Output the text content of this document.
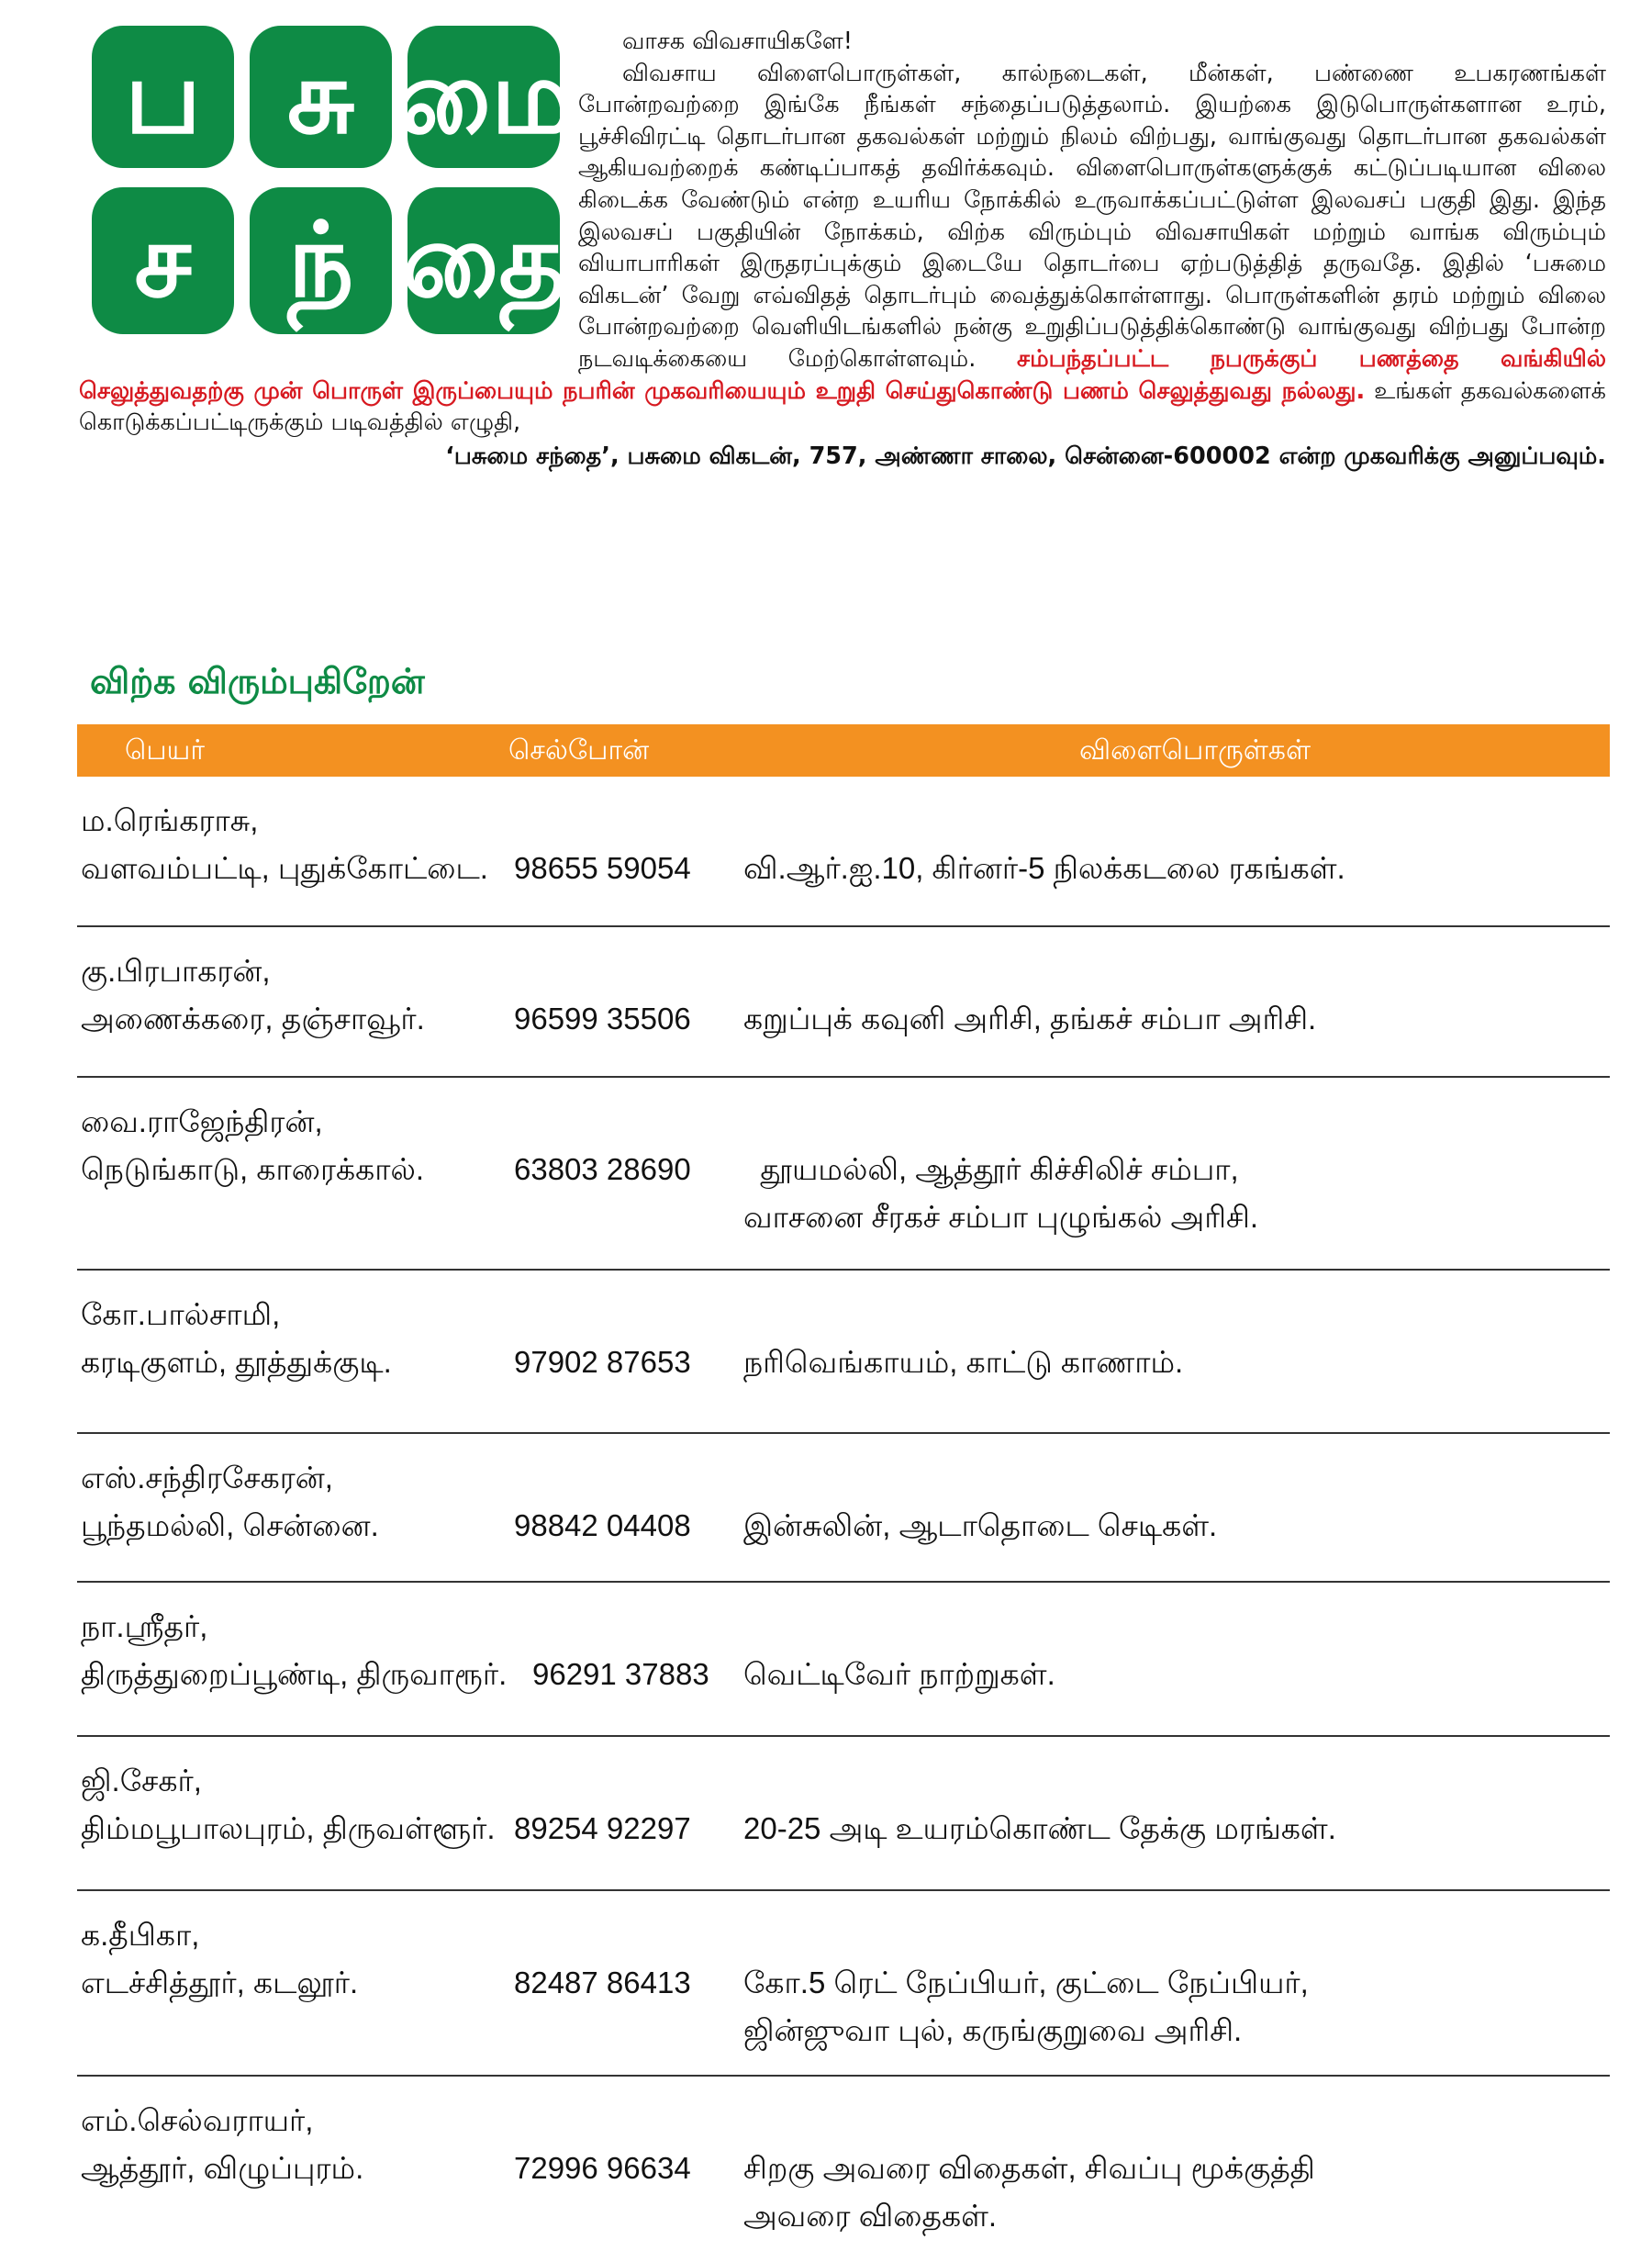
வாசக விவசாயிகளே!

விவசாய விளைபொருள்கள், கால்நடைகள், மீன்கள், பண்ணை உபகரணங்கள் போன்றவற்றை இங்கே நீங்கள் சந்தைப்படுத்தலாம். இயற்கை இடுபொருள்களான உரம், பூச்சிவிரட்டி தொடர்பான தகவல்கள் மற்றும் நிலம் விற்பது, வாங்குவது தொடர்பான தகவல்கள் ஆகியவற்றைக் கண்டிப்பாகத் தவிர்க்கவும். விளைபொருள்களுக்குக் கட்டுப்படியான விலை கிடைக்க வேண்டும் என்ற உயரிய நோக்கில் உருவாக்கப்பட்டுள்ள இலவசப் பகுதி இது. இந்த இலவசப் பகுதியின் நோக்கம், விற்க விரும்பும் விவசாயிகள் மற்றும் வாங்க விரும்பும் வியாபாரிகள் இருதரப்புக்கும் இடையே தொடர்பை ஏற்படுத்தித் தருவதே. இதில் ‘பசுமை விகடன்’ வேறு எவ்விதத் தொடர்பும் வைத்துக்கொள்ளாது. பொருள்களின் தரம் மற்றும் விலை போன்றவற்றை வெளியிடங்களில் நன்கு உறுதிப்படுத்திக்கொண்டு வாங்குவது விற்பது போன்ற நடவடிக்கையை மேற்கொள்ளவும். சம்பந்தப்பட்ட நபருக்குப் பணத்தை வங்கியில் செலுத்துவதற்கு முன் பொருள் இருப்பையும் நபரின் முகவரியையும் உறுதி செய்துகொண்டு பணம் செலுத்துவது நல்லது. உங்கள் தகவல்களைக் கொடுக்கப்பட்டிருக்கும் படிவத்தில் எழுதி,
‘பசுமை சந்தை’, பசுமை விகடன், 757, அண்ணா சாலை, சென்னை-600002 என்ற முகவரிக்கு அனுப்பவும்.

ப சு மை
ச ந் தை
விற்க விரும்புகிறேன்
பெயர்	செல்போன்	விளைபொருள்கள்
ம.ரெங்கராசு,
வளவம்பட்டி, புதுக்கோட்டை. 98655 59054 வி.ஆர்.ஐ.10, கிர்னர்-5 நிலக்கடலை ரகங்கள்.
கு.பிரபாகரன்,
அணைக்கரை, தஞ்சாவூர்.	96599 35506 கறுப்புக் கவுனி அரிசி, தங்கச் சம்பா அரிசி.
வை.ராஜேந்திரன்,
நெடுங்காடு, காரைக்கால்.	63803 28690 தூயமல்லி, ஆத்தூர் கிச்சிலிச் சம்பா,
வாசனை சீரகச் சம்பா புழுங்கல் அரிசி.
கோ.பால்சாமி,
கரடிகுளம், தூத்துக்குடி.	97902 87653 நரிவெங்காயம், காட்டு காணாம்.
எஸ்.சந்திரசேகரன்,
பூந்தமல்லி, சென்னை.	98842 04408 இன்சுலின், ஆடாதொடை செடிகள்.
நா.ஶ்ரீதர்,
திருத்துறைப்பூண்டி, திருவாரூர். 96291 37883 வெட்டிவேர் நாற்றுகள்.
ஜி.சேகர்,
திம்மபூபாலபுரம், திருவள்ளூர். 89254 92297 20-25 அடி உயரம்கொண்ட தேக்கு மரங்கள்.
க.தீபிகா,
எடச்சித்தூர், கடலூர்.	82487 86413 கோ.5 ரெட் நேப்பியர், குட்டை நேப்பியர்,
ஜின்ஜுவா புல், கருங்குறுவை அரிசி.
எம்.செல்வராயர்,
ஆத்தூர், விழுப்புரம்.	72996 96634 சிறகு அவரை விதைகள், சிவப்பு மூக்குத்தி
அவரை விதைகள்.
